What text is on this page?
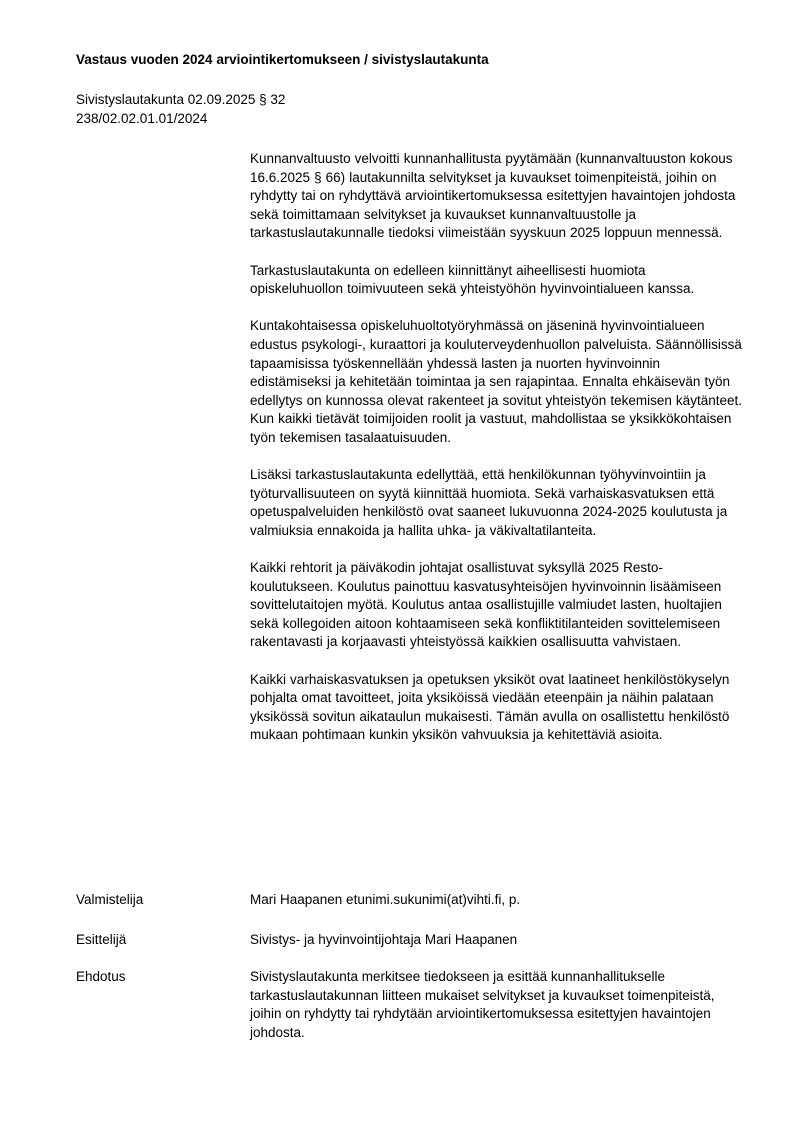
Vastaus vuoden 2024 arviointikertomukseen / sivistyslautakunta
Sivistyslautakunta 02.09.2025 § 32
238/02.02.01.01/2024

Kunnanvaltuusto velvoitti kunnanhallitusta pyytämään (kunnanvaltuuston kokous 16.6.2025 § 66) lautakunnilta selvitykset ja kuvaukset toimenpiteistä, joihin on ryhdytty tai on ryhdyttävä arviointikertomuksessa esitettyjen havaintojen johdosta sekä toimittamaan selvitykset ja kuvaukset kunnanvaltuustolle ja tarkastuslautakunnalle tiedoksi viimeistään syyskuun 2025 loppuun mennessä.

Tarkastuslautakunta on edelleen kiinnittänyt aiheellisesti huomiota opiskeluhuollon toimivuuteen sekä yhteistyöhön hyvinvointialueen kanssa.

Kuntakohtaisessa opiskeluhuoltotyöryhmässä on jäseninä hyvinvointialueen edustus psykologi-, kuraattori ja kouluterveydenhuollon palveluista. Säännöllisissä tapaamisissa työskennellään yhdessä lasten ja nuorten hyvinvoinnin edistämiseksi ja kehitetään toimintaa ja sen rajapintaa. Ennalta ehkäisevän työn edellytys on kunnossa olevat rakenteet ja sovitut yhteistyön tekemisen käytänteet. Kun kaikki tietävät toimijoiden roolit ja vastuut, mahdollistaa se yksikkökohtaisen työn tekemisen tasalaatuisuuden.

Lisäksi tarkastuslautakunta edellyttää, että henkilökunnan työhyvinvointiin ja työturvallisuuteen on syytä kiinnittää huomiota. Sekä varhaiskasvatuksen että opetuspalveluiden henkilöstö ovat saaneet lukuvuonna 2024-2025 koulutusta ja valmiuksia ennakoida ja hallita uhka- ja väkivaltatilanteita.

Kaikki rehtorit ja päiväkodin johtajat osallistuvat syksyllä 2025 Resto-koulutukseen. Koulutus painottuu kasvatusyhteisöjen hyvinvoinnin lisäämiseen sovittelutaitojen myötä. Koulutus antaa osallistujille valmiudet lasten, huoltajien sekä kollegoiden aitoon kohtaamiseen sekä konfliktitilanteiden sovittelemiseen rakentavasti ja korjaavasti yhteistyössä kaikkien osallisuutta vahvistaen.

Kaikki varhaiskasvatuksen ja opetuksen yksiköt ovat laatineet henkilöstökyselyn pohjalta omat tavoitteet, joita yksiköissä viedään eteenpäin ja näihin palataan yksikössä sovitun aikataulun mukaisesti. Tämän avulla on osallistettu henkilöstö mukaan pohtimaan kunkin yksikön vahvuuksia ja kehitettäviä asioita.

Valmistelija	Mari Haapanen etunimi.sukunimi(at)vihti.fi, p.
Esittelijä	Sivistys- ja hyvinvointijohtaja Mari Haapanen
Ehdotus	Sivistyslautakunta merkitsee tiedokseen ja esittää kunnanhallitukselle tarkastuslautakunnan liitteen mukaiset selvitykset ja kuvaukset toimenpiteistä, joihin on ryhdytty tai ryhdytään arviointikertomuksessa esitettyjen havaintojen johdosta.
